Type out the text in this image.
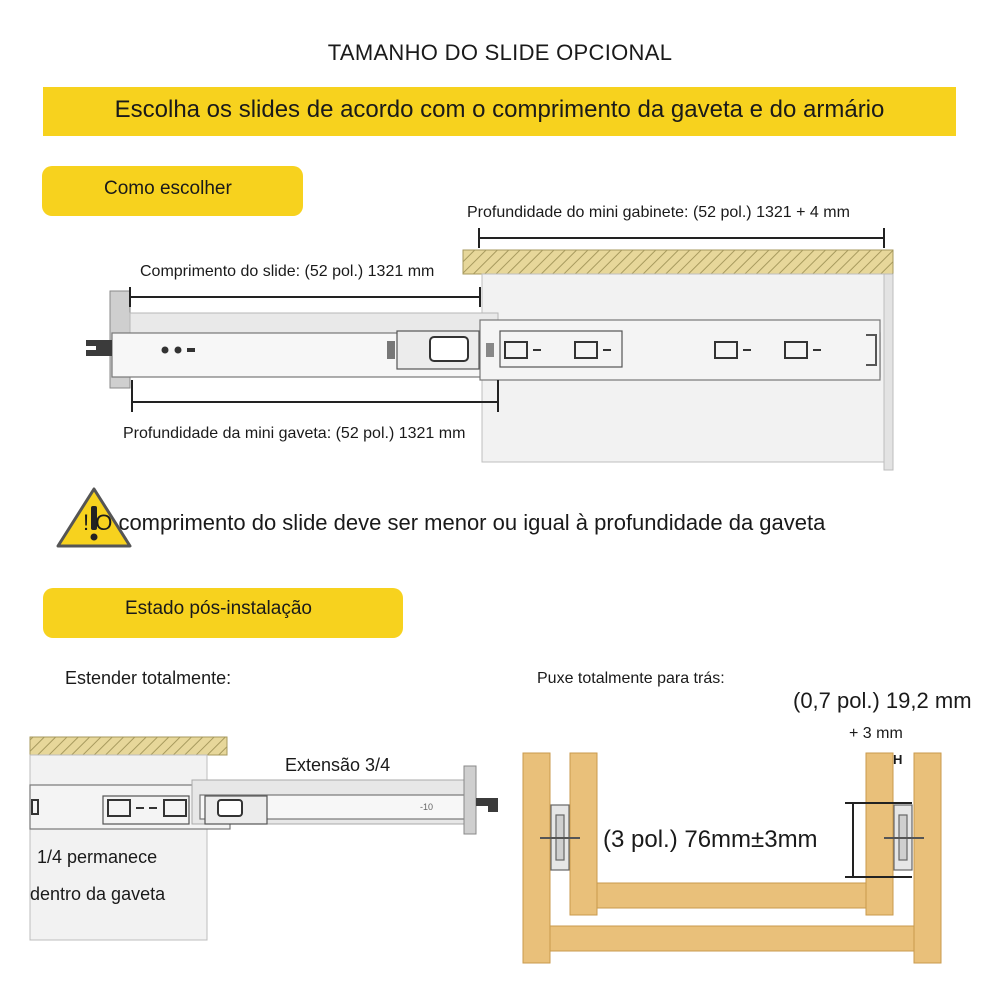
TAMANHO DO SLIDE OPCIONAL
Escolha os slides de acordo com o comprimento da gaveta e do armário
Como escolher
Profundidade do mini gabinete: (52 pol.) 1321 + 4 mm
Comprimento do slide: (52 pol.) 1321 mm
Profundidade da mini gaveta: (52 pol.) 1321 mm
! O comprimento do slide deve ser menor ou igual à profundidade da gaveta
Estado pós-instalação
Estender totalmente:
Extensão 3/4
-10
1/4 permanece
dentro da gaveta
Puxe totalmente para trás:
(0,7 pol.) 19,2 mm
+ 3 mm
H
(3 pol.) 76mm±3mm
